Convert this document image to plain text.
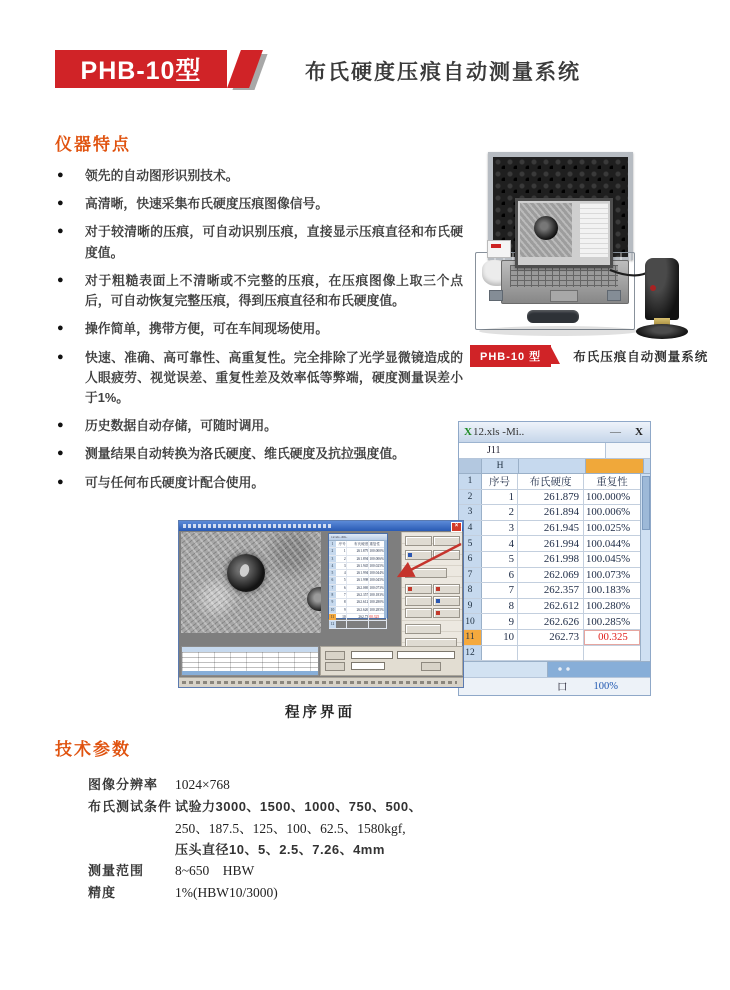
PHB-10型	布氏硬度压痕自动测量系统
仪器特点
● 领先的自动图形识别技术。
● 高清晰，快速采集布氏硬度压痕图像信号。
● 对于较清晰的压痕，可自动识别压痕，直接显示压痕直径和布氏硬度值。
● 对于粗糙表面上不清晰或不完整的压痕，在压痕图像上取三个点后，可自动恢复完整压痕，得到压痕直径和布氏硬度值。
● 操作简单，携带方便，可在车间现场使用。
● 快速、准确、高可靠性、高重复性。完全排除了光学显微镜造成的人眼疲劳、视觉误差、重复性差及效率低等弊端，硬度测量误差小于1%。
● 历史数据自动存储，可随时调用。
● 测量结果自动转换为洛氏硬度、维氏硬度及抗拉强度值。
● 可与任何布氏硬度计配合使用。
PHB-10 型	布氏压痕自动测量系统
X 12.xls -Mi..	— X
J11
H
1	序号	布氏硬度	重复性
2	1	261.879 100.000%
3	2	261.894 100.006%
4	3	261.945 100.025%
5	4	261.994 100.044%
6	5	261.998 100.045%
7	6	262.069 100.073%
8	7	262.357 100.183%
9	8	262.612 100.280%
10	9	262.626 100.285%
11	10	262.73	00.325
12
口 100%
×
12.xls -Mi..
1	序号	布氏硬度 重复性
2	1	261.879 100.000%
3	2	261.894 100.006%
4	3	261.945 100.025%
5	4	261.994 100.044%
6	5	261.998 100.045%
7	6	262.069 100.073%
8	7	262.357 100.183%
9	8	262.612 100.280%
10	9	262.626 100.285%
11	10	262.73 00.325
12
程序界面
技术参数
图像分辨率	1024×768
布氏测试条件 试验力3000、1500、1000、750、500、
250、187.5、125、100、62.5、1580kgf,
压头直径10、5、2.5、7.26、4mm
测量范围	8~650    HBW
精度	1%(HBW10/3000)
